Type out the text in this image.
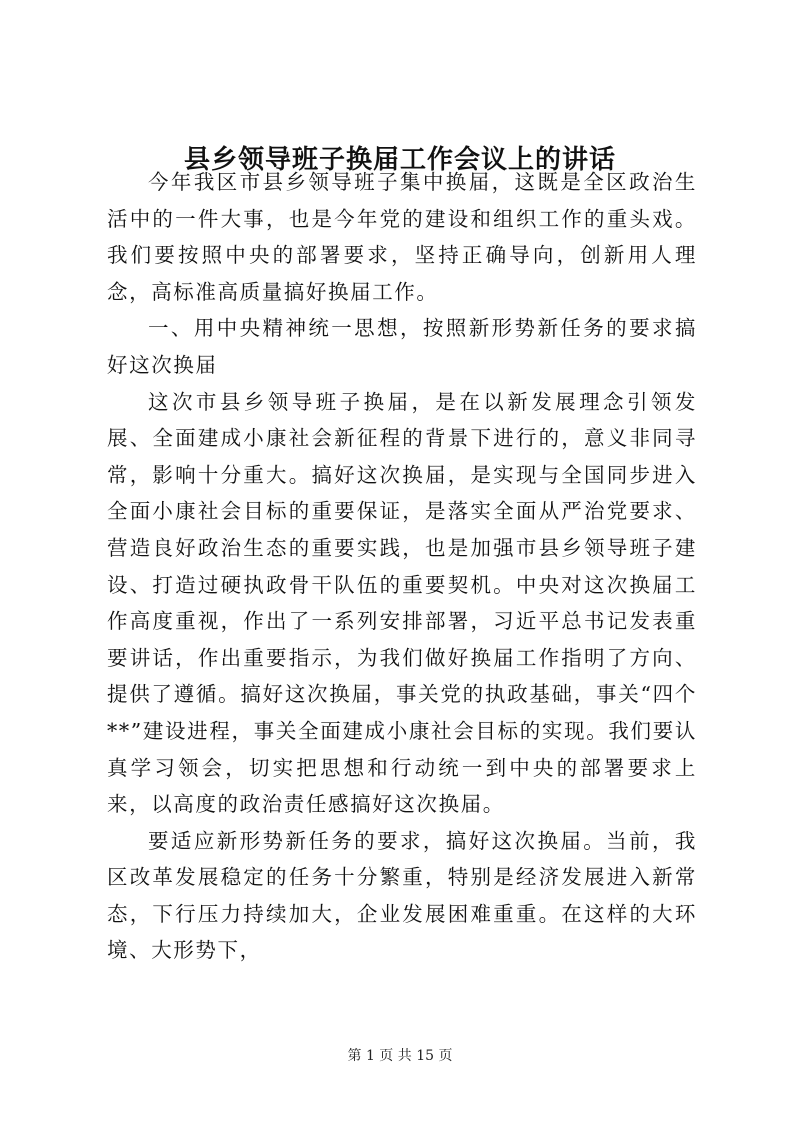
县乡领导班子换届工作会议上的讲话

今年我区市县乡领导班子集中换届，这既是全区政治生活中的一件大事，也是今年党的建设和组织工作的重头戏。我们要按照中央的部署要求，坚持正确导向，创新用人理念，高标准高质量搞好换届工作。

一、用中央精神统一思想，按照新形势新任务的要求搞好这次换届

这次市县乡领导班子换届，是在以新发展理念引领发展、全面建成小康社会新征程的背景下进行的，意义非同寻常，影响十分重大。搞好这次换届，是实现与全国同步进入全面小康社会目标的重要保证，是落实全面从严治党要求、营造良好政治生态的重要实践，也是加强市县乡领导班子建设、打造过硬执政骨干队伍的重要契机。中央对这次换届工作高度重视，作出了一系列安排部署，习近平总书记发表重要讲话，作出重要指示，为我们做好换届工作指明了方向、提供了遵循。搞好这次换届，事关党的执政基础，事关“四个**”建设进程，事关全面建成小康社会目标的实现。我们要认真学习领会，切实把思想和行动统一到中央的部署要求上来，以高度的政治责任感搞好这次换届。

要适应新形势新任务的要求，搞好这次换届。当前，我区改革发展稳定的任务十分繁重，特别是经济发展进入新常态，下行压力持续加大，企业发展困难重重。在这样的大环境、大形势下，

第 1 页 共 15 页
